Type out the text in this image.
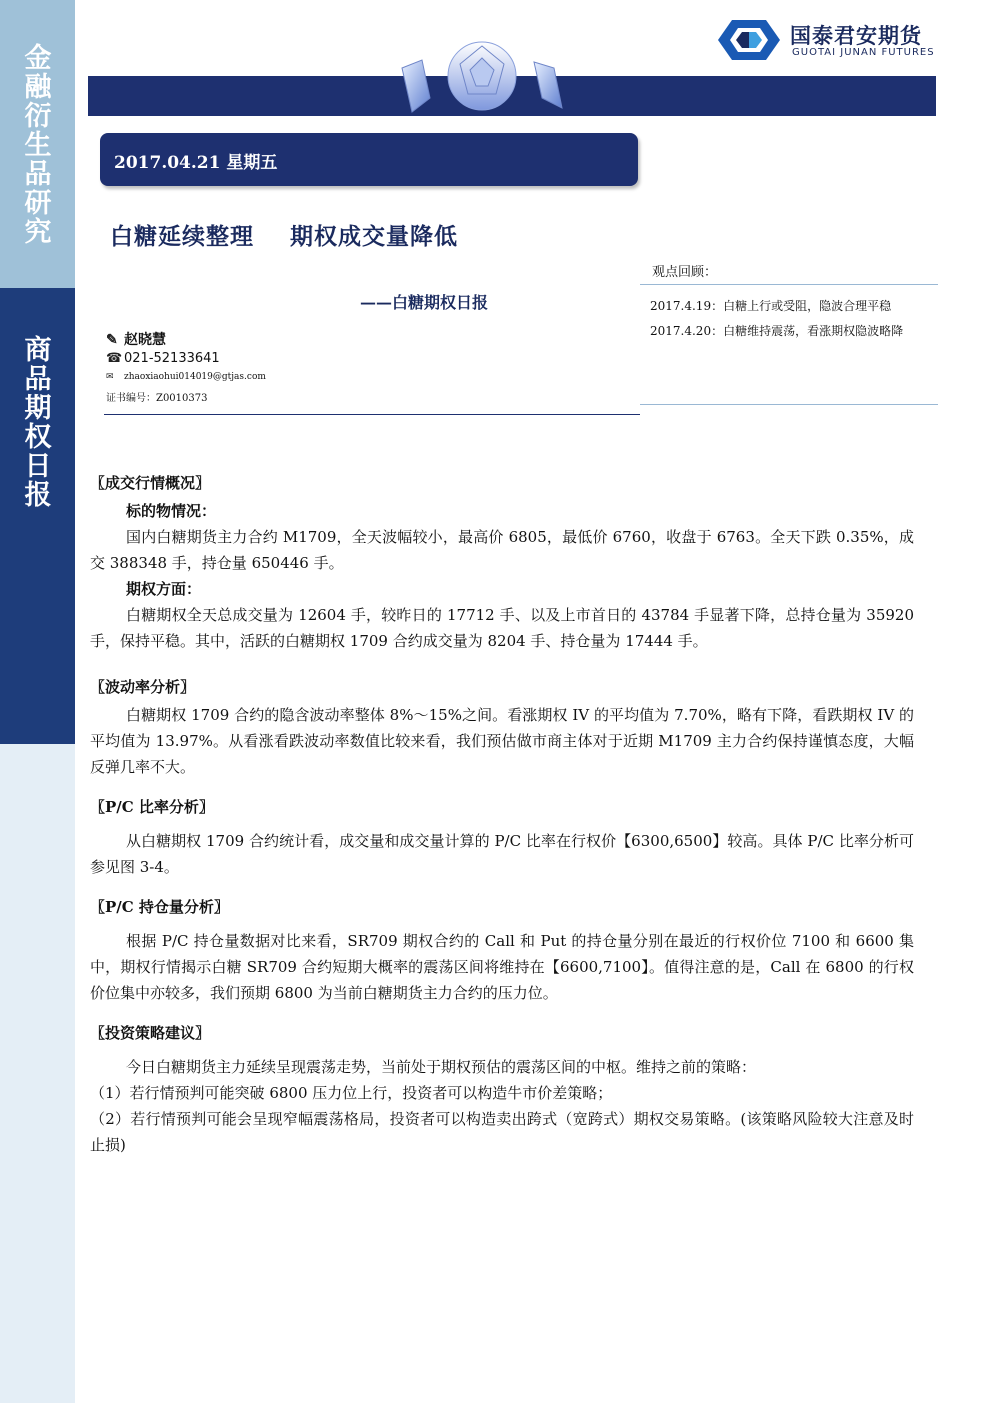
金融衍生品研究
商品期权日报
国泰君安期货
GUOTAI JUNAN FUTURES
2017.04.21 星期五
白糖延续整理    期权成交量降低
——白糖期权日报
✎ 赵晓慧
☎ 021-52133641
✉ zhaoxiaohui014019@gtjas.com
证书编号：Z0010373
观点回顾：
2017.4.19：白糖上行或受阻，隐波合理平稳
2017.4.20：白糖维持震荡，看涨期权隐波略降
〖成交行情概况〗
标的物情况：
国内白糖期货主力合约 M1709，全天波幅较小，最高价 6805，最低价 6760，收盘于 6763。全天下跌 0.35%，成交 388348 手，持仓量 650446 手。
期权方面：
白糖期权全天总成交量为 12604 手，较昨日的 17712 手、以及上市首日的 43784 手显著下降，总持仓量为 35920 手，保持平稳。其中，活跃的白糖期权 1709 合约成交量为 8204 手、持仓量为 17444 手。
〖波动率分析〗
白糖期权 1709 合约的隐含波动率整体 8%～15%之间。看涨期权 IV 的平均值为 7.70%，略有下降，看跌期权 IV 的平均值为 13.97%。从看涨看跌波动率数值比较来看，我们预估做市商主体对于近期 M1709 主力合约保持谨慎态度，大幅反弹几率不大。
〖P/C 比率分析〗
从白糖期权 1709 合约统计看，成交量和成交量计算的 P/C 比率在行权价【6300,6500】较高。具体 P/C 比率分析可参见图 3-4。
〖P/C 持仓量分析〗
根据 P/C 持仓量数据对比来看，SR709 期权合约的 Call 和 Put 的持仓量分别在最近的行权价位 7100 和 6600 集中，期权行情揭示白糖 SR709 合约短期大概率的震荡区间将维持在【6600,7100】。值得注意的是，Call 在 6800 的行权价位集中亦较多，我们预期 6800 为当前白糖期货主力合约的压力位。
〖投资策略建议〗
今日白糖期货主力延续呈现震荡走势，当前处于期权预估的震荡区间的中枢。维持之前的策略：
（1）若行情预判可能突破 6800 压力位上行，投资者可以构造牛市价差策略；
（2）若行情预判可能会呈现窄幅震荡格局，投资者可以构造卖出跨式（宽跨式）期权交易策略。(该策略风险较大注意及时止损)
